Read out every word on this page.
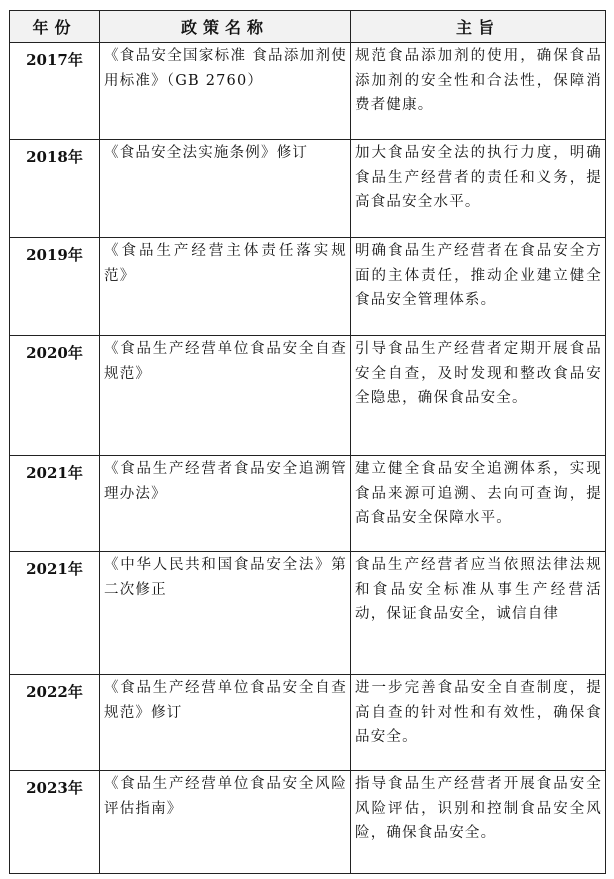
年份	政策名称	主旨
2017年	《食品安全国家标准 食品添加剂使用标准》（GB 2760）	规范食品添加剂的使用，确保食品添加剂的安全性和合法性，保障消费者健康。
2018年	《食品安全法实施条例》修订	加大食品安全法的执行力度，明确食品生产经营者的责任和义务，提高食品安全水平。
2019年	《食品生产经营主体责任落实规范》	明确食品生产经营者在食品安全方面的主体责任，推动企业建立健全食品安全管理体系。
2020年	《食品生产经营单位食品安全自查规范》	引导食品生产经营者定期开展食品安全自查，及时发现和整改食品安全隐患，确保食品安全。
2021年	《食品生产经营者食品安全追溯管理办法》	建立健全食品安全追溯体系，实现食品来源可追溯、去向可查询，提高食品安全保障水平。
2021年	《中华人民共和国食品安全法》第二次修正	食品生产经营者应当依照法律法规和食品安全标准从事生产经营活动，保证食品安全，诚信自律
2022年	《食品生产经营单位食品安全自查规范》修订	进一步完善食品安全自查制度，提高自查的针对性和有效性，确保食品安全。
2023年	《食品生产经营单位食品安全风险评估指南》	指导食品生产经营者开展食品安全风险评估，识别和控制食品安全风险，确保食品安全。
